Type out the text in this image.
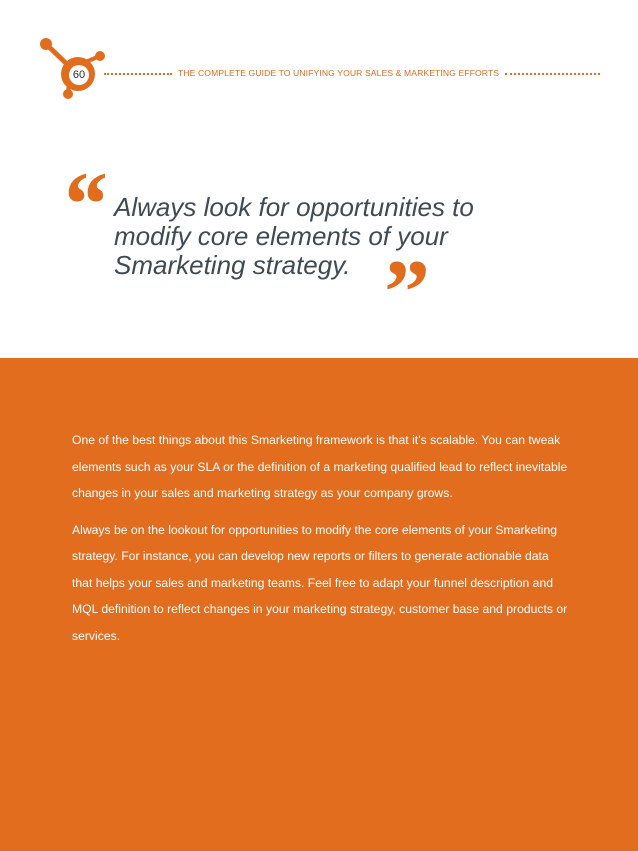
60	THE COMPLETE GUIDE TO UNIFYING YOUR SALES & MARKETING EFFORTS
“ Always look for opportunities to modify core elements of your Smarketing strategy. ”

One of the best things about this Smarketing framework is that it’s scalable. You can tweak elements such as your SLA or the definition of a marketing qualified lead to reflect inevitable changes in your sales and marketing strategy as your company grows.

Always be on the lookout for opportunities to modify the core elements of your Smarketing strategy. For instance, you can develop new reports or filters to generate actionable data that helps your sales and marketing teams. Feel free to adapt your funnel description and MQL definition to reflect changes in your marketing strategy, customer base and products or services.
